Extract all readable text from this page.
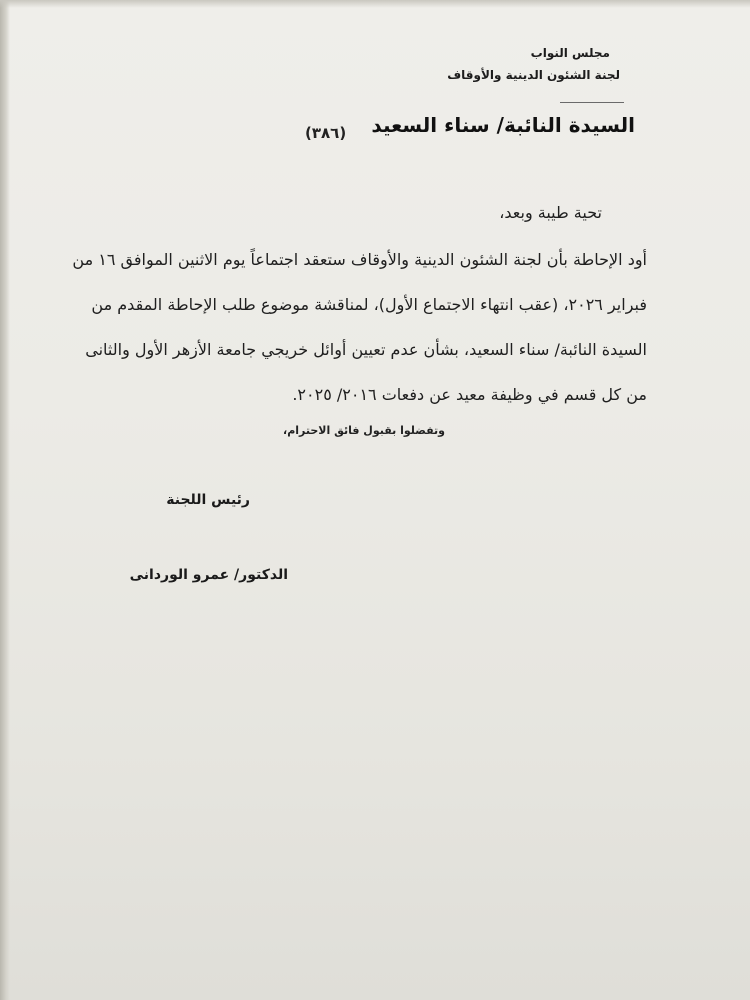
مجلس النواب
لجنة الشئون الدينية والأوقاف
السيدة النائبة/ سناء السعيد
(٣٨٦)
تحية طيبة وبعد،
أود الإحاطة بأن لجنة الشئون الدينية والأوقاف ستعقد اجتماعاً يوم الاثنين الموافق ١٦ من
فبراير ٢٠٢٦، (عقب انتهاء الاجتماع الأول)، لمناقشة موضوع طلب الإحاطة المقدم من
السيدة النائبة/ سناء السعيد، بشأن عدم تعيين أوائل خريجي جامعة الأزهر الأول والثانى
من كل قسم في وظيفة معيد عن دفعات ٢٠١٦/ ٢٠٢٥.
وتفضلوا بقبول فائق الاحترام،
رئيس اللجنة
الدكتور/ عمرو الوردانى
